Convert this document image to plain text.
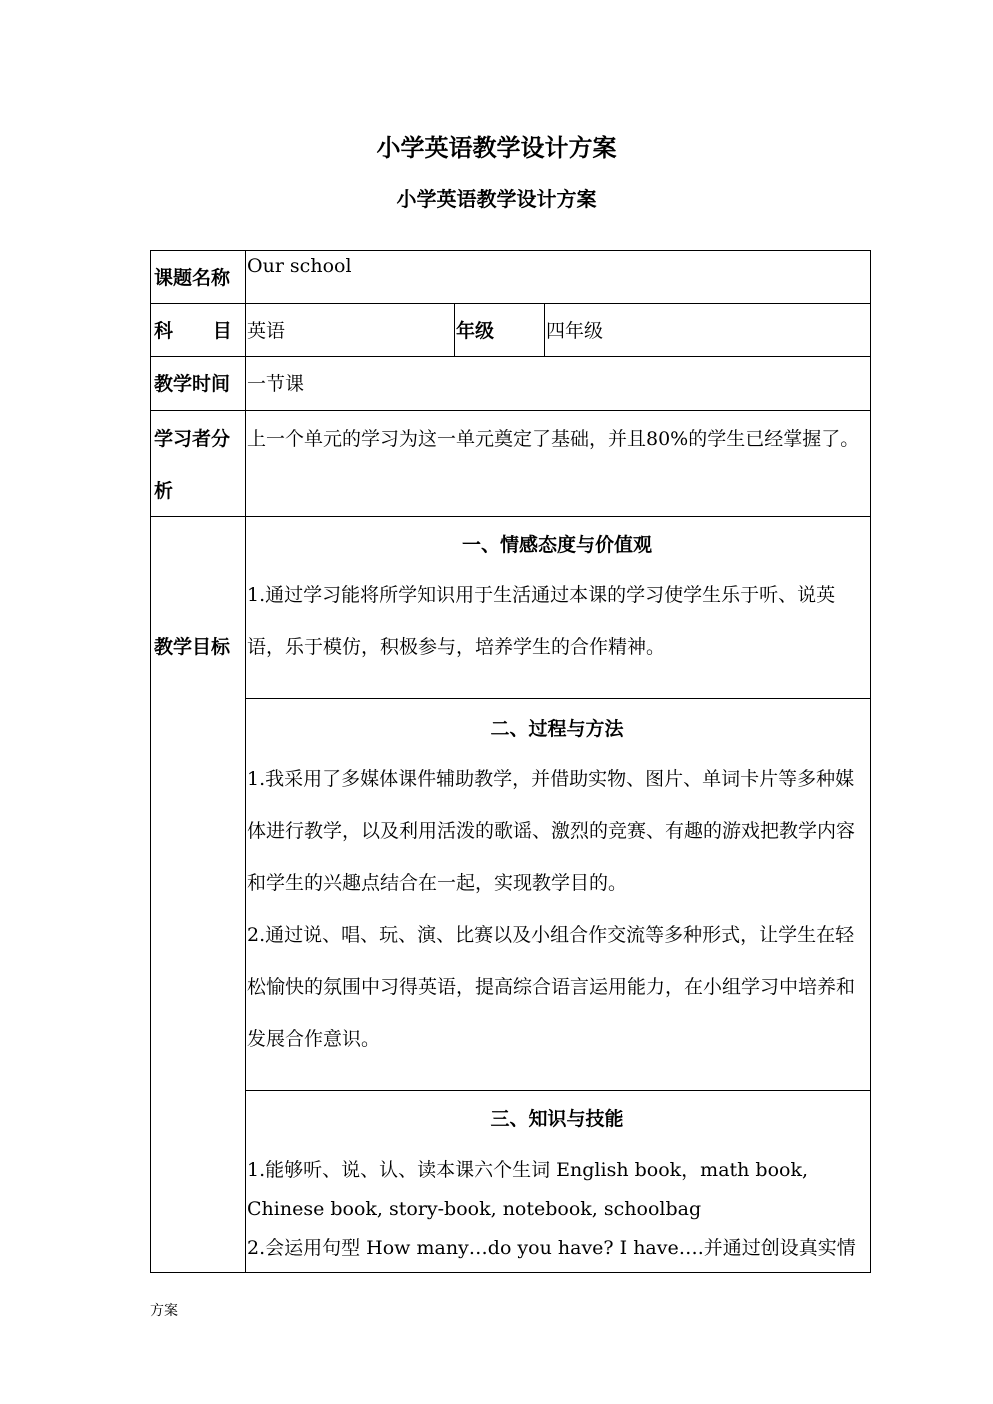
小学英语教学设计方案
小学英语教学设计方案
课题名称
Our school
科      目 英语	年级	四年级
教学时间 一节课
学习者分析
上一个单元的学习为这一单元奠定了基础，并且80%的学生已经掌握了。
教学目标
一、情感态度与价值观
1.通过学习能将所学知识用于生活通过本课的学习使学生乐于听、说英语，乐于模仿，积极参与，培养学生的合作精神。
二、过程与方法
1.我采用了多媒体课件辅助教学，并借助实物、图片、单词卡片等多种媒体进行教学，以及利用活泼的歌谣、激烈的竞赛、有趣的游戏把教学内容和学生的兴趣点结合在一起，实现教学目的。
2.通过说、唱、玩、演、比赛以及小组合作交流等多种形式，让学生在轻松愉快的氛围中习得英语，提高综合语言运用能力，在小组学习中培养和发展合作意识。
三、知识与技能
1.能够听、说、认、读本课六个生词 English book，math book, Chinese book, story-book, notebook, schoolbag
2.会运用句型 How many…do you have? I have….并通过创设真实情
方案
